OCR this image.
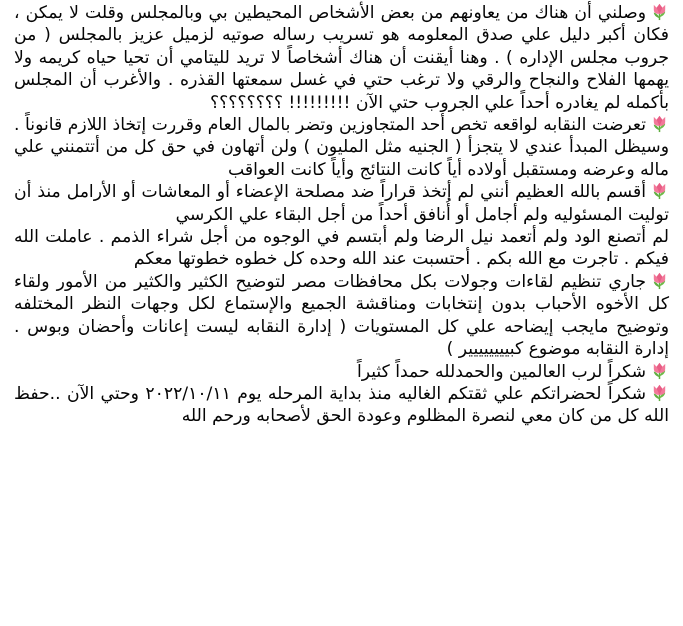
وصلني أن هناك من يعاونهم من بعض الأشخاص المحيطين بي وبالمجلس وقلت لا يمكن ، فكان أكبر دليل علي صدق المعلومه هو تسريب رساله صوتيه لزميل عزيز بالمجلس ( من جروب مجلس الإداره ) . وهنا أيقنت أن هناك أشخاصاً لا تريد لليتامي أن تحيا حياه كريمه ولا يهمها الفلاح والنجاح والرقي ولا ترغب حتي في غسل سمعتها القذره . والأغرب أن المجلس بأكمله لم يغادره أحداً علي الجروب حتي الآن !!!!!!!!! ؟؟؟؟؟؟؟؟

تعرضت النقابه لواقعه تخص أحد المتجاوزين وتضر بالمال العام وقررت إتخاذ اللازم قانوناً . وسيظل المبدأ عندي لا يتجزأ ( الجنيه مثل المليون ) ولن أتهاون في حق كل من أتتمنني علي ماله وعرضه ومستقبل أولاده أياً كانت النتائج وأياً كانت العواقب

أقسم بالله العظيم أنني لم أتخذ قراراً ضد مصلحة الإعضاء أو المعاشات أو الأرامل منذ أن توليت المسئوليه ولم أجامل أو أُنافق أحداً من أجل البقاء علي الكرسي

لم أتصنع الود ولم أتعمد نيل الرضا ولم أبتسم في الوجوه من أجل شراء الذمم . عاملت الله فيكم . تاجرت مع الله بكم . أحتسبت عند الله وحده كل خطوه خطوتها معكم

جاري تنظيم لقاءات وجولات بكل محافظات مصر لتوضيح الكثير والكثير من الأمور ولقاء كل الأخوه الأحباب بدون إنتخابات ومناقشة الجميع والإستماع لكل وجهات النظر المختلفه وتوضيح مايجب إيضاحه علي كل المستويات ( إدارة النقابه ليست إعانات وأحضان وبوس . إدارة النقابه موضوع كبيييييييير )

شكراً لرب العالمين والحمدلله حمداً كثيراً

شكراً لحضراتكم علي ثقتكم الغاليه منذ بداية المرحله يوم ٢٠٢٢/١٠/١١ وحتي الآن ..حفظ الله كل من كان معي لنصرة المظلوم وعودة الحق لأصحابه ورحم الله
